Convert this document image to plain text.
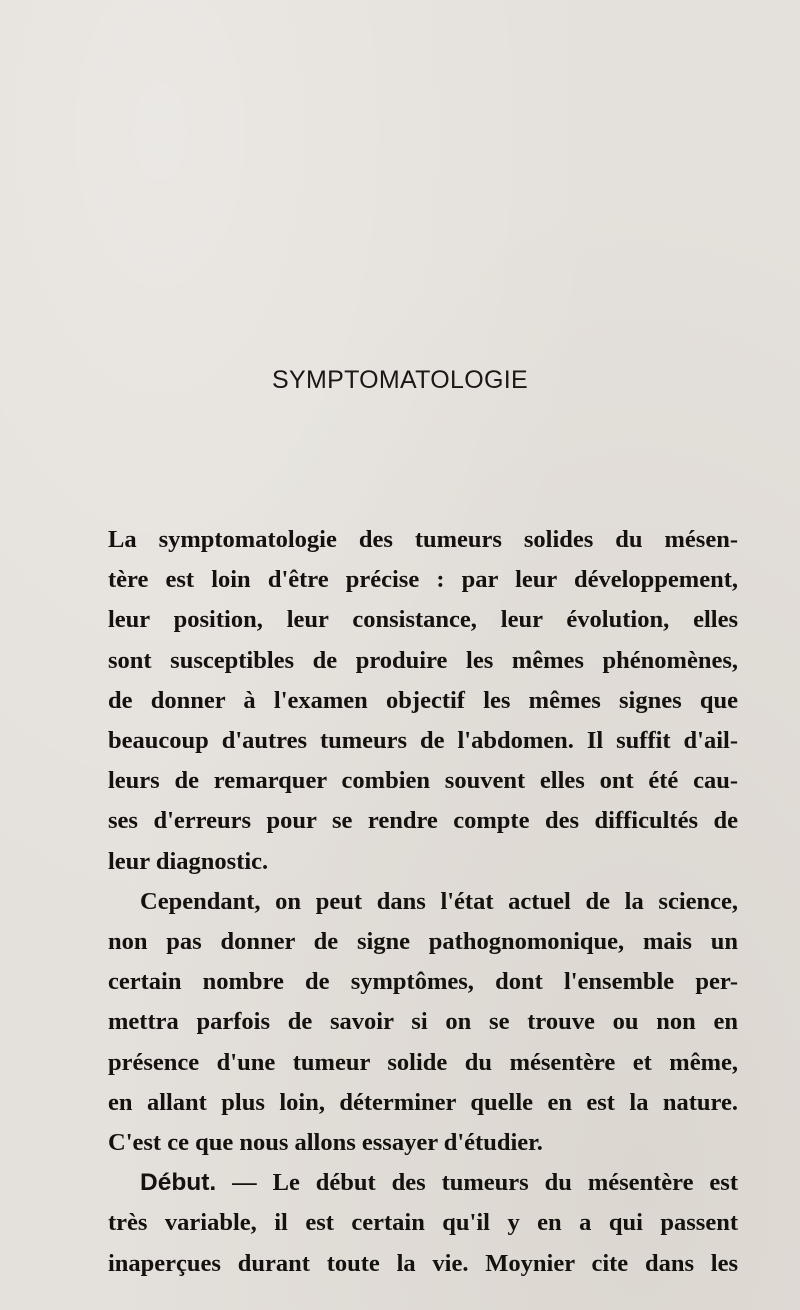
SYMPTOMATOLOGIE
La symptomatologie des tumeurs solides du mésen-
tère est loin d'être précise : par leur développement,
leur position, leur consistance, leur évolution, elles
sont susceptibles de produire les mêmes phénomènes,
de donner à l'examen objectif les mêmes signes que
beaucoup d'autres tumeurs de l'abdomen. Il suffit d'ail-
leurs de remarquer combien souvent elles ont été cau-
ses d'erreurs pour se rendre compte des difficultés de
leur diagnostic.
Cependant, on peut dans l'état actuel de la science,
non pas donner de signe pathognomonique, mais un
certain nombre de symptômes, dont l'ensemble per-
mettra parfois de savoir si on se trouve ou non en
présence d'une tumeur solide du mésentère et même,
en allant plus loin, déterminer quelle en est la nature.
C'est ce que nous allons essayer d'étudier.
Début. — Le début des tumeurs du mésentère est
très variable, il est certain qu'il y en a qui passent
inaperçues durant toute la vie. Moynier cite dans les
